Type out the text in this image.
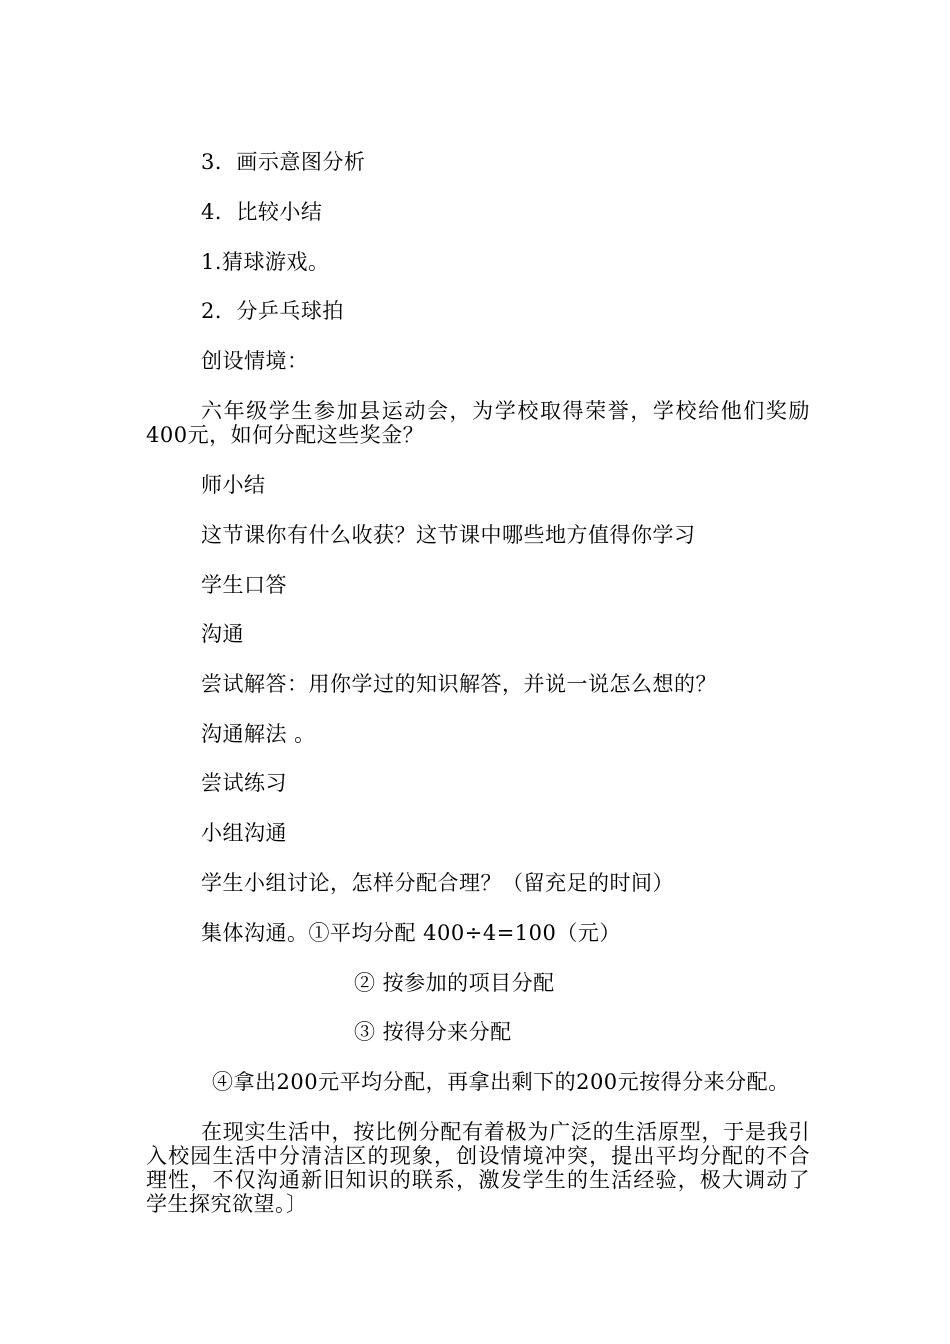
3．画示意图分析
4．比较小结
1.猜球游戏。
2．分乒乓球拍
创设情境：
六年级学生参加县运动会，为学校取得荣誉，学校给他们奖励400元，如何分配这些奖金？
师小结
这节课你有什么收获？这节课中哪些地方值得你学习
学生口答
沟通
尝试解答：用你学过的知识解答，并说一说怎么想的？
沟通解法 。
尝试练习
小组沟通
学生小组讨论，怎样分配合理？（留充足的时间）
集体沟通。①平均分配 400÷4=100（元）
② 按参加的项目分配
③ 按得分来分配
④拿出200元平均分配，再拿出剩下的200元按得分来分配。
在现实生活中，按比例分配有着极为广泛的生活原型，于是我引入校园生活中分清洁区的现象，创设情境冲突，提出平均分配的不合理性，不仅沟通新旧知识的联系，激发学生的生活经验，极大调动了学生探究欲望。〕
